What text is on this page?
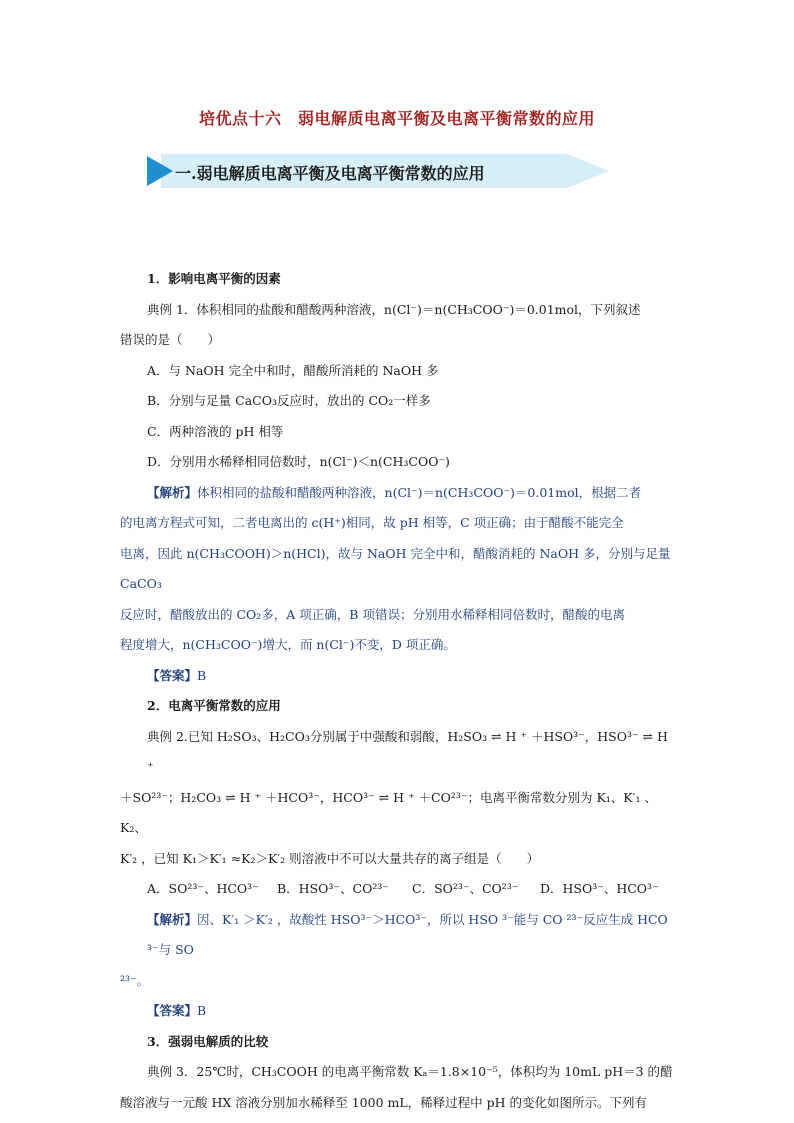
培优点十六　弱电解质电离平衡及电离平衡常数的应用
一.弱电解质电离平衡及电离平衡常数的应用

1．影响电离平衡的因素

典例 1．体积相同的盐酸和醋酸两种溶液，n(Cl⁻)＝n(CH₃COO⁻)＝0.01mol，下列叙述

错误的是（　　）

A．与 NaOH 完全中和时，醋酸所消耗的 NaOH 多

B．分别与足量 CaCO₃反应时，放出的 CO₂一样多

C．两种溶液的 pH 相等

D．分别用水稀释相同倍数时，n(Cl⁻)＜n(CH₃COO⁻)

【解析】体积相同的盐酸和醋酸两种溶液，n(Cl⁻)＝n(CH₃COO⁻)＝0.01mol，根据二者

的电离方程式可知，二者电离出的 c(H⁺)相同，故 pH 相等，C 项正确；由于醋酸不能完全

电离，因此 n(CH₃COOH)＞n(HCl)，故与 NaOH 完全中和，醋酸消耗的 NaOH 多，分别与足量 CaCO₃

反应时，醋酸放出的 CO₂多，A 项正确，B 项错误；分别用水稀释相同倍数时，醋酸的电离

程度增大，n(CH₃COO⁻)增大，而 n(Cl⁻)不变，D 项正确。

【答案】B

2．电离平衡常数的应用

典例 2.已知 H₂SO₃、H₂CO₃分别属于中强酸和弱酸，H₂SO₃ ⇌ H ⁺ ＋HSO³⁻，HSO³⁻ ⇌ H ⁺

＋SO²³⁻；H₂CO₃ ⇌ H ⁺ ＋HCO³⁻，HCO³⁻ ⇌ H ⁺ ＋CO²³⁻；电离平衡常数分别为 K₁、K′₁ 、K₂、

K′₂ ，已知 K₁＞K′₁ ≈K₂＞K′₂ 则溶液中不可以大量共存的离子组是（　　）

A．SO²³⁻、HCO³⁻	B．HSO³⁻、CO²³⁻	C．SO²³⁻、CO²³⁻	D．HSO³⁻、HCO³⁻

【解析】因、K′₁ ＞K′₂ ，故酸性 HSO³⁻＞HCO³⁻，所以 HSO ³⁻能与 CO ²³⁻反应生成 HCO ³⁻与 SO

²³⁻。

【答案】B

3．强弱电解质的比较

典例 3．25℃时，CH₃COOH 的电离平衡常数 Kₐ＝1.8×10⁻⁵，体积均为 10mL pH＝3 的醋

酸溶液与一元酸 HX 溶液分别加水稀释至 1000 mL，稀释过程中 pH 的变化如图所示。下列有
